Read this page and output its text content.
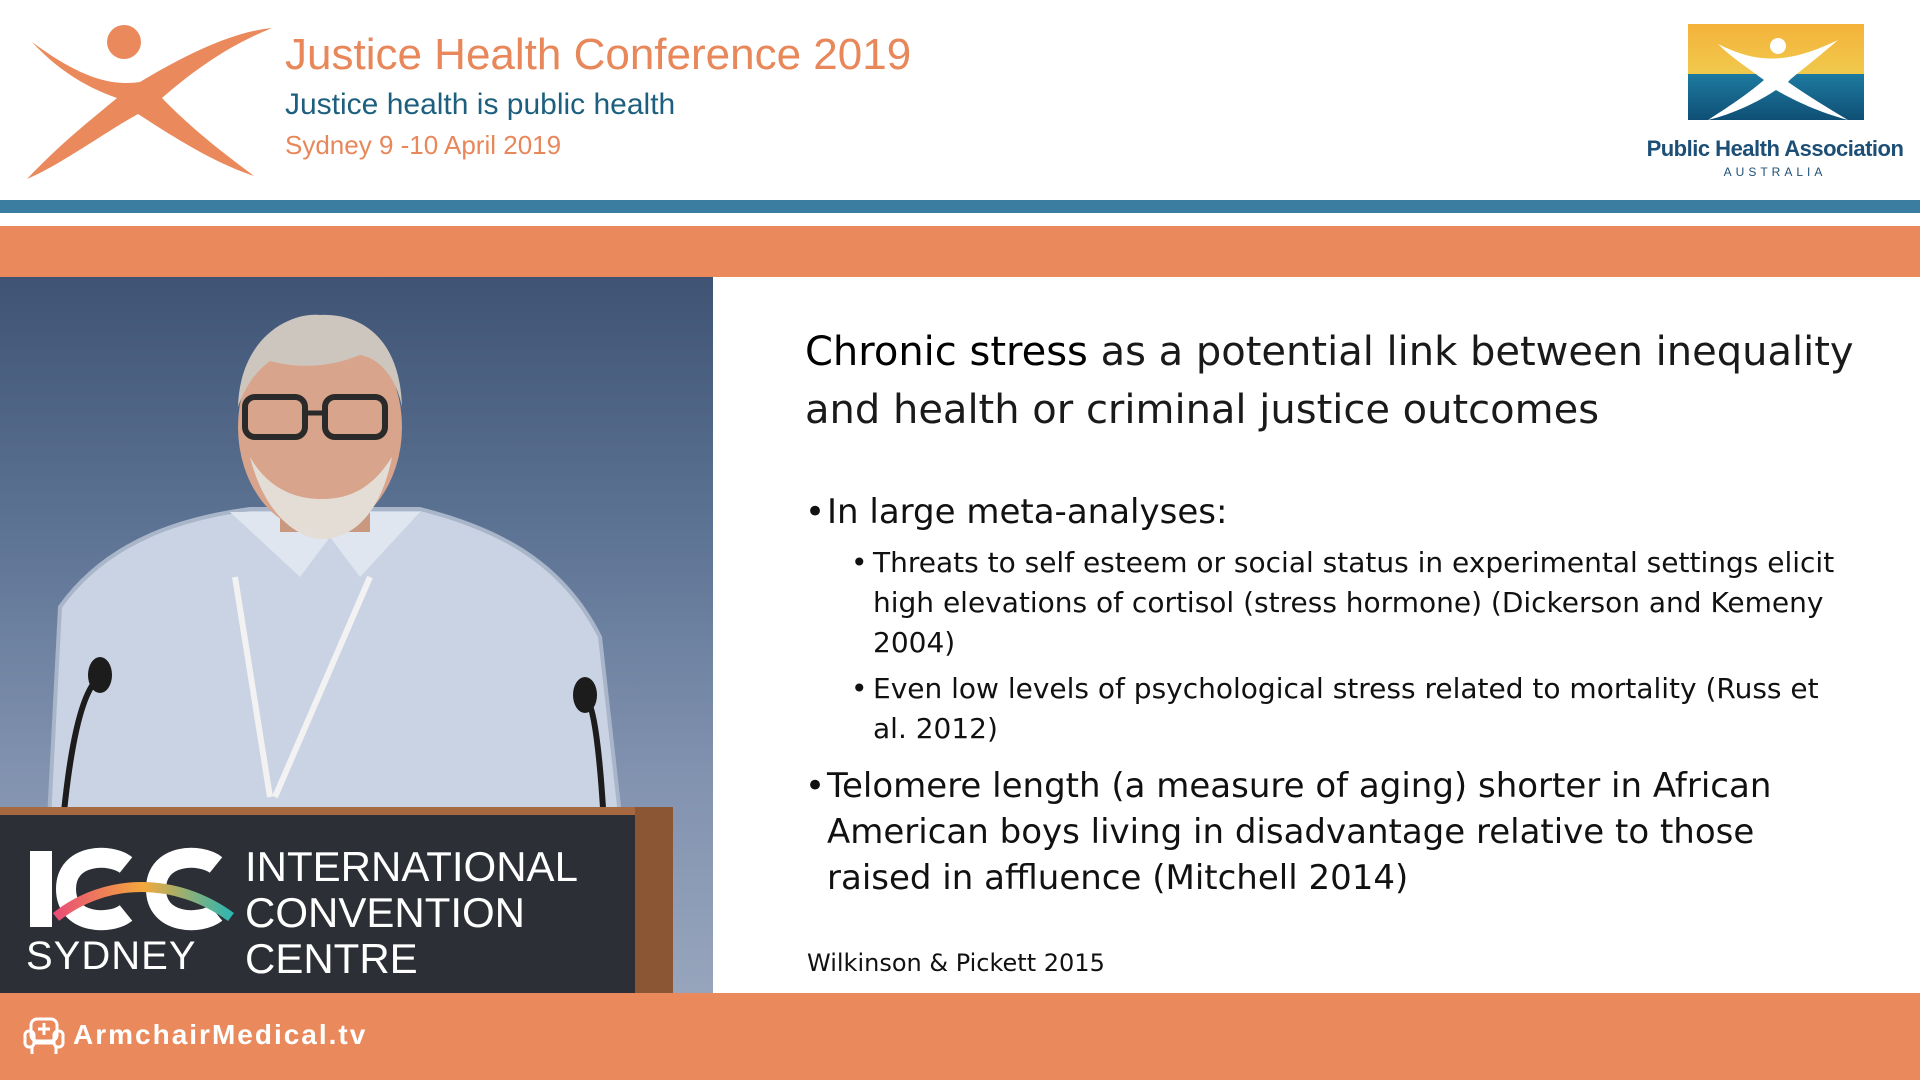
Justice Health Conference 2019
Justice health is public health
Sydney 9 -10 April 2019	Public Health Association
AUSTRALIA
SYDNEY
INTERNATIONAL
CONVENTION
CENTRE
Chronic stress as a potential link between inequality and health or criminal justice outcomes
• In large meta-analyses:
• Threats to self esteem or social status in experimental settings elicit high elevations of cortisol (stress hormone) (Dickerson and Kemeny 2004)
• Even low levels of psychological stress related to mortality (Russ et al. 2012)
• Telomere length (a measure of aging) shorter in African American boys living in disadvantage relative to those raised in affluence (Mitchell 2014)
Wilkinson & Pickett 2015
ArmchairMedical.tv
